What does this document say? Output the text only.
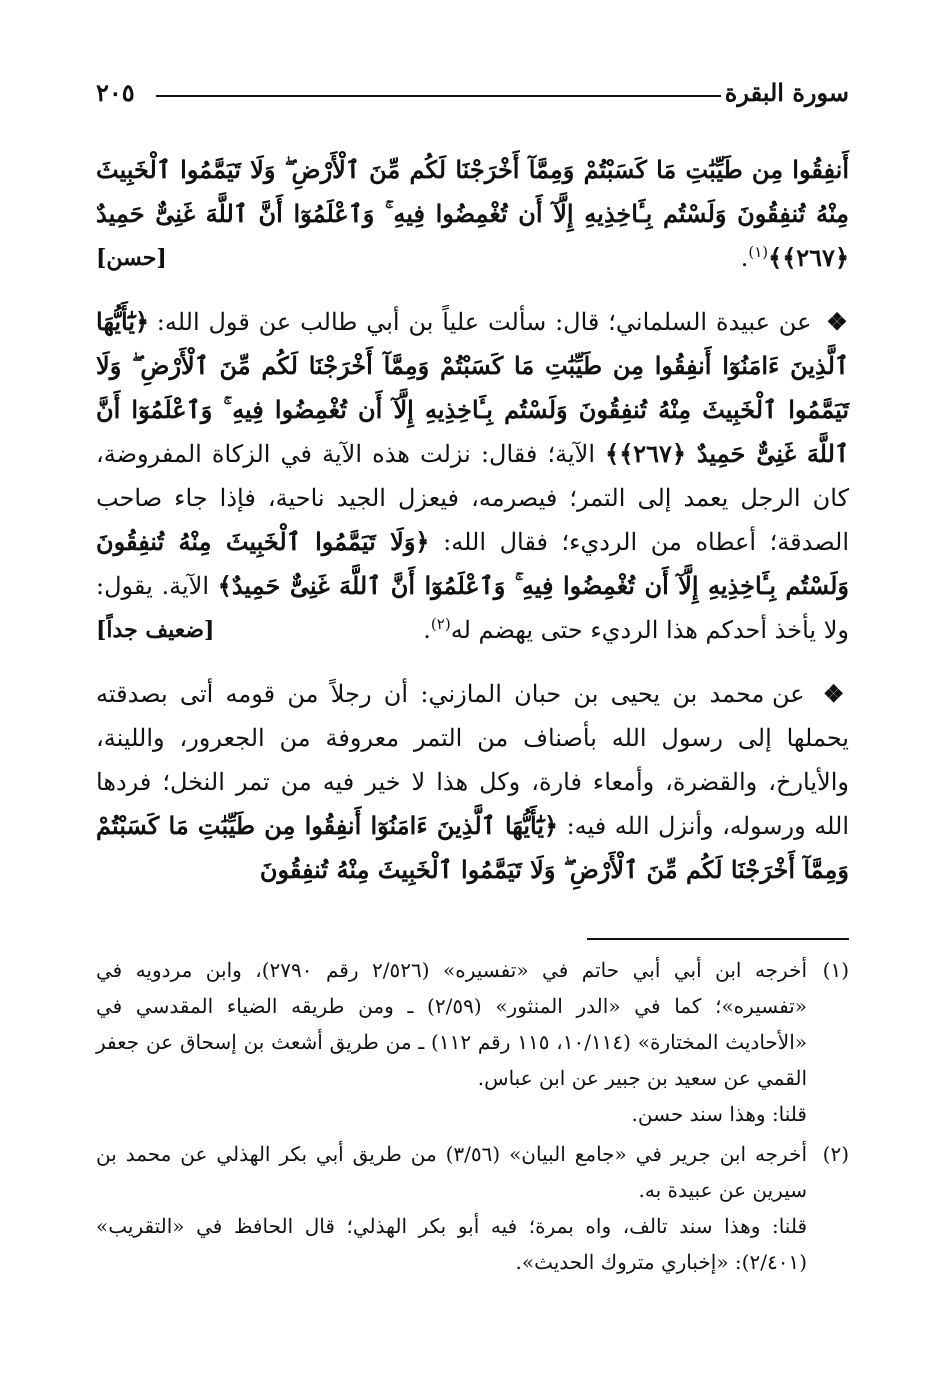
سورة البقرة
٢٠٥

أَنفِقُوا مِن طَيِّبَٰتِ مَا كَسَبْتُمْ وَمِمَّآ أَخْرَجْنَا لَكُم مِّنَ ٱلْأَرْضِ ۖ وَلَا تَيَمَّمُوا ٱلْخَبِيثَ مِنْهُ تُنفِقُونَ وَلَسْتُم بِـَٔاخِذِيهِ إِلَّآ أَن تُغْمِضُوا فِيهِ ۚ وَٱعْلَمُوٓا أَنَّ ٱللَّهَ غَنِىٌّ حَمِيدٌ ﴿٢٦٧﴾﴾$^{(١)}$.
[حسن]

❖ عن عبيدة السلماني؛ قال: سألت علياً بن أبي طالب عن قول الله: ﴿يَٰٓأَيُّهَا ٱلَّذِينَ ءَامَنُوٓا أَنفِقُوا مِن طَيِّبَٰتِ مَا كَسَبْتُمْ وَمِمَّآ أَخْرَجْنَا لَكُم مِّنَ ٱلْأَرْضِ ۖ وَلَا تَيَمَّمُوا ٱلْخَبِيثَ مِنْهُ تُنفِقُونَ وَلَسْتُم بِـَٔاخِذِيهِ إِلَّآ أَن تُغْمِضُوا فِيهِ ۚ وَٱعْلَمُوٓا أَنَّ ٱللَّهَ غَنِىٌّ حَمِيدٌ ﴿٢٦٧﴾﴾ الآية؛ فقال: نزلت هذه الآية في الزكاة المفروضة، كان الرجل يعمد إلى التمر؛ فيصرمه، فيعزل الجيد ناحية، فإذا جاء صاحب الصدقة؛ أعطاه من الرديء؛ فقال الله: ﴿وَلَا تَيَمَّمُوا ٱلْخَبِيثَ مِنْهُ تُنفِقُونَ وَلَسْتُم بِـَٔاخِذِيهِ إِلَّآ أَن تُغْمِضُوا فِيهِ ۚ وَٱعْلَمُوٓا أَنَّ ٱللَّهَ غَنِىٌّ حَمِيدٌ﴾ الآية. يقول: ولا يأخذ أحدكم هذا الرديء حتى يهضم له$^{(٢)}$.
[ضعيف جداً]

❖ عن محمد بن يحيى بن حبان المازني: أن رجلاً من قومه أتى بصدقته يحملها إلى رسول الله بأصناف من التمر معروفة من الجعرور، واللينة، والأيارخ، والقضرة، وأمعاء فارة، وكل هذا لا خير فيه من تمر النخل؛ فردها الله ورسوله، وأنزل الله فيه: ﴿يَٰٓأَيُّهَا ٱلَّذِينَ ءَامَنُوٓا أَنفِقُوا مِن طَيِّبَٰتِ مَا كَسَبْتُمْ وَمِمَّآ أَخْرَجْنَا لَكُم مِّنَ ٱلْأَرْضِ ۖ وَلَا تَيَمَّمُوا ٱلْخَبِيثَ مِنْهُ تُنفِقُونَ

(١)

أخرجه ابن أبي أبي حاتم في «تفسيره» (٢/٥٢٦ رقم ٢٧٩٠)، وابن مردويه في «تفسيره»؛ كما في «الدر المنثور» (٢/٥٩) ـ ومن طريقه الضياء المقدسي في «الأحاديث المختارة» (١٠/١١٤، ١١٥ رقم ١١٢) ـ من طريق أشعث بن إسحاق عن جعفر القمي عن سعيد بن جبير عن ابن عباس.

قلنا: وهذا سند حسن.

(٢)

أخرجه ابن جرير في «جامع البيان» (٣/٥٦) من طريق أبي بكر الهذلي عن محمد بن سيرين عن عبيدة به.

قلنا: وهذا سند تالف، واه بمرة؛ فيه أبو بكر الهذلي؛ قال الحافظ في «التقريب» (٢/٤٠١): «إخباري متروك الحديث».
